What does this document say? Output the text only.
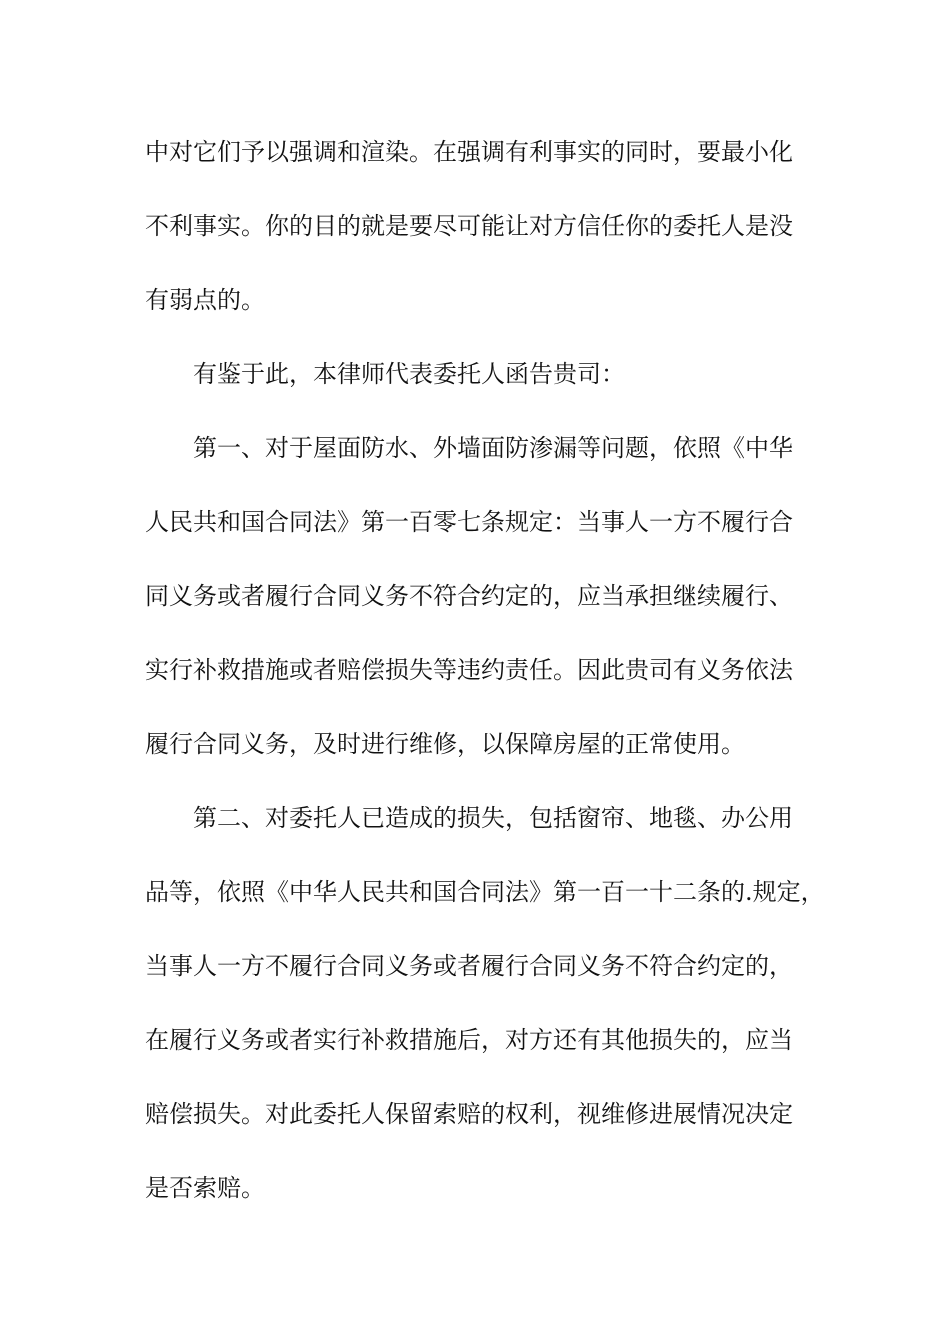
中对它们予以强调和渲染。在强调有利事实的同时，要最小化
不利事实。你的目的就是要尽可能让对方信任你的委托人是没
有弱点的。
有鉴于此，本律师代表委托人函告贵司：
第一、对于屋面防水、外墙面防渗漏等问题，依照《中华
人民共和国合同法》第一百零七条规定：当事人一方不履行合
同义务或者履行合同义务不符合约定的，应当承担继续履行、
实行补救措施或者赔偿损失等违约责任。因此贵司有义务依法
履行合同义务，及时进行维修，以保障房屋的正常使用。
第二、对委托人已造成的损失，包括窗帘、地毯、办公用
品等，依照《中华人民共和国合同法》第一百一十二条的.规定，
当事人一方不履行合同义务或者履行合同义务不符合约定的，
在履行义务或者实行补救措施后，对方还有其他损失的，应当
赔偿损失。对此委托人保留索赔的权利，视维修进展情况决定
是否索赔。
